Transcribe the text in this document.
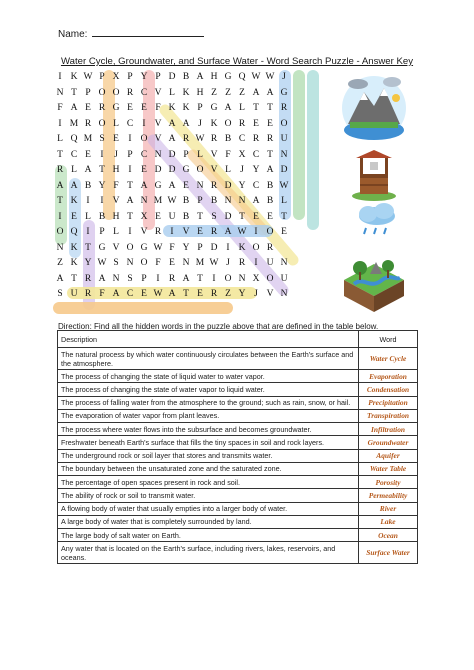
Name:
Water Cycle, Groundwater, and Surface Water - Word Search Puzzle - Answer Key
I K W P X P Y P D B A H G Q W W J
N T P O O R C V L K H Z Z Z A A G
F A E R G E E F K K P G A L T T R
I M R O L C I V A A J K O R E E O
L Q M S E	I O V A R W R B C R R U
T C E	I	J	P C N D P L V F X C T N
R L A T H I	E D D G O V L J Y A D
A A B Y F T A G A E N R D Y C B W
T K I	I V A N M W B P B N N A B L
I	E L B H T X E U B T S D T E E T
O Q I	P L	I V R I V E R A W I O E
N K T G V O G W F Y P D I K O R
Z K Y W S N O F E N M W J R I U N
A T R A N S P	I R A T	I O N X O U
S U R F A C E W A T E R Z Y J V N
Direction: Find all the hidden words in the puzzle above that are defined in the table below.
Description	Word
The natural process by which water continuously circulates between the Earth's surface and the atmosphere.	Water Cycle
The process of changing the state of liquid water to water vapor.	Evaporation
The process of changing the state of water vapor to liquid water.	Condensation
The process of falling water from the atmosphere to the ground; such as rain, snow, or hail.	Precipitation
The evaporation of water vapor from plant leaves.	Transpiration
The process where water flows into the subsurface and becomes groundwater.	Infiltration
Freshwater beneath Earth's surface that fills the tiny spaces in soil and rock layers.	Groundwater
The underground rock or soil layer that stores and transmits water.	Aquifer
The boundary between the unsaturated zone and the saturated zone.	Water Table
The percentage of open spaces present in rock and soil.	Porosity
The ability of rock or soil to transmit water.	Permeability
A flowing body of water that usually empties into a larger body of water.	River
A large body of water that is completely surrounded by land.	Lake
The large body of salt water on Earth.	Ocean
Any water that is located on the Earth's surface, including rivers, lakes, reservoirs, and oceans.	Surface Water
